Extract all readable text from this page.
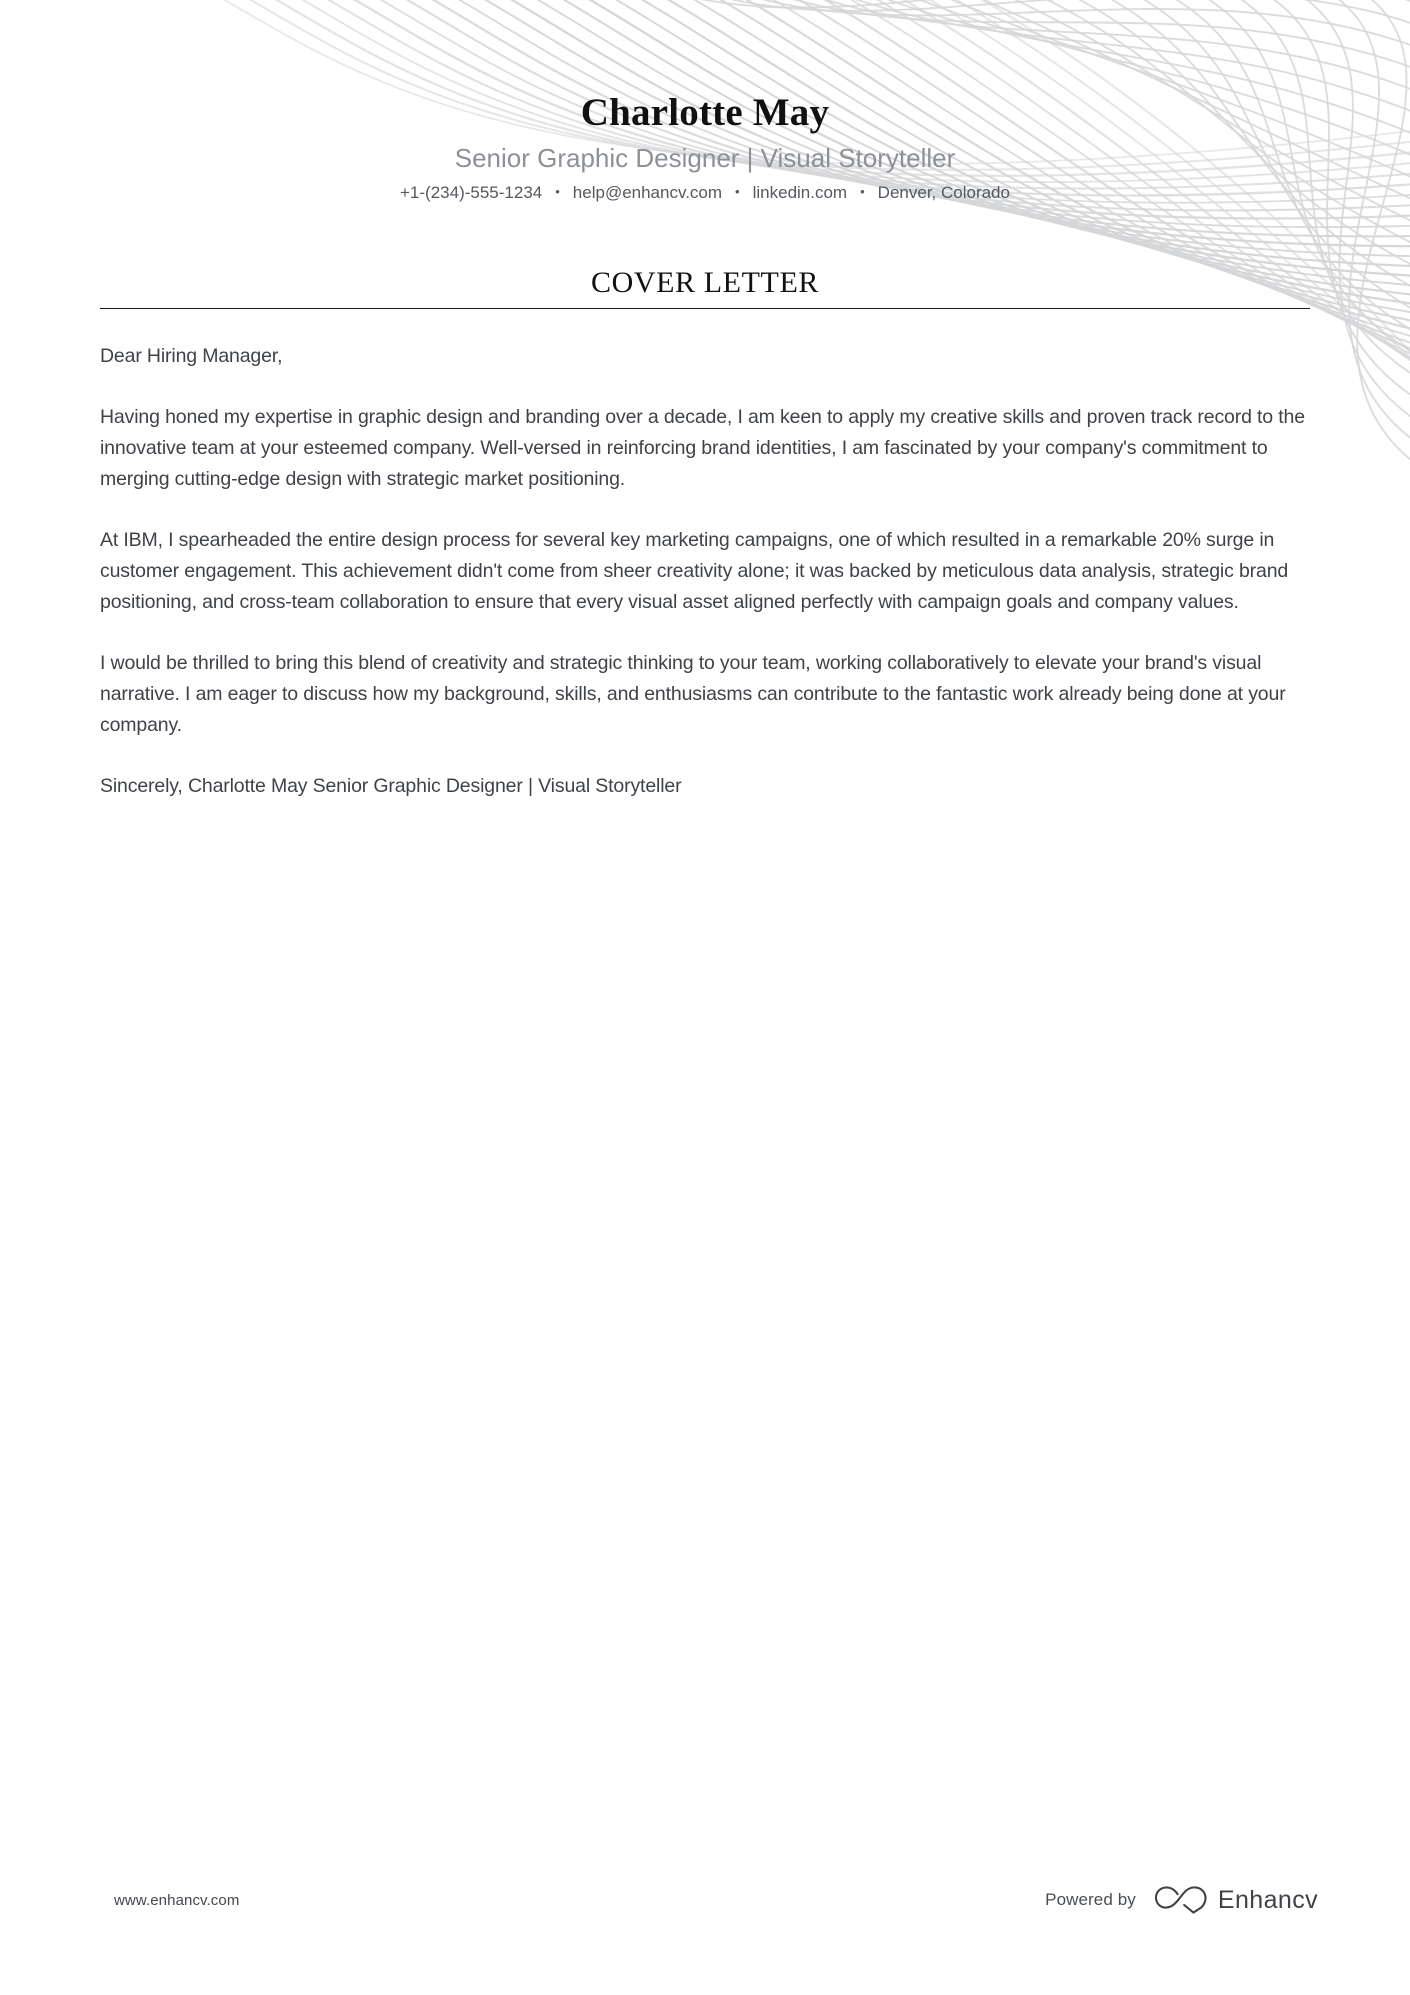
Charlotte May
Senior Graphic Designer | Visual Storyteller
+1-(234)-555-1234 • help@enhancv.com • linkedin.com • Denver, Colorado
COVER LETTER

Dear Hiring Manager,

Having honed my expertise in graphic design and branding over a decade, I am keen to apply my creative skills and proven track record to the innovative team at your esteemed company. Well-versed in reinforcing brand identities, I am fascinated by your company's commitment to merging cutting-edge design with strategic market positioning.

At IBM, I spearheaded the entire design process for several key marketing campaigns, one of which resulted in a remarkable 20% surge in customer engagement. This achievement didn't come from sheer creativity alone; it was backed by meticulous data analysis, strategic brand positioning, and cross-team collaboration to ensure that every visual asset aligned perfectly with campaign goals and company values.

I would be thrilled to bring this blend of creativity and strategic thinking to your team, working collaboratively to elevate your brand's visual narrative. I am eager to discuss how my background, skills, and enthusiasms can contribute to the fantastic work already being done at your company.

Sincerely, Charlotte May Senior Graphic Designer | Visual Storyteller

www.enhancv.com	Powered by	Enhancv
